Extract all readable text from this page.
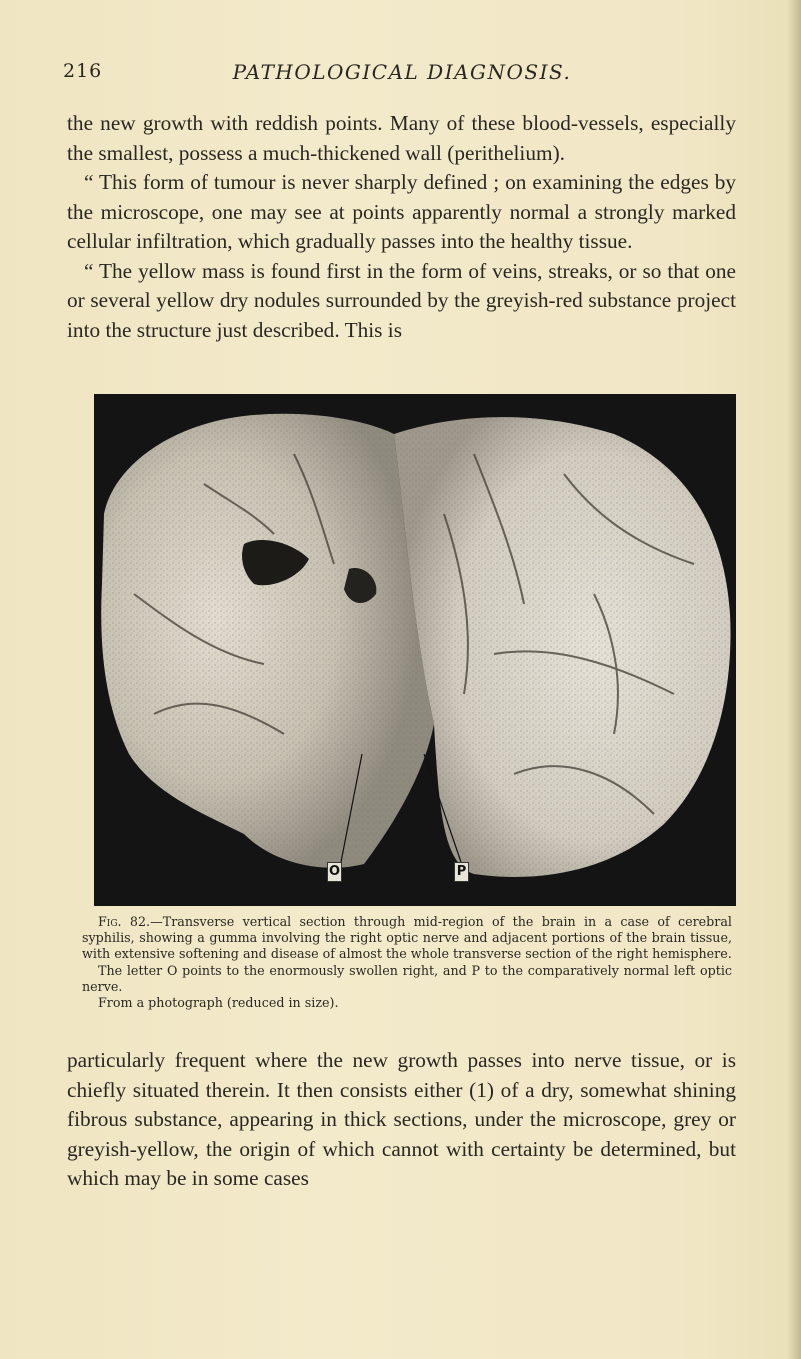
216	PATHOLOGICAL DIAGNOSIS.

the new growth with reddish points. Many of these blood-vessels, especially the smallest, possess a much-thickened wall (perithelium).

“ This form of tumour is never sharply defined ; on examining the edges by the microscope, one may see at points apparently normal a strongly marked cellular infiltration, which gradually passes into the healthy tissue.

“ The yellow mass is found first in the form of veins, streaks, or so that one or several yellow dry nodules surrounded by the greyish-red substance project into the structure just described. This is

O	P

Fig. 82.—Transverse vertical section through mid-region of the brain in a case of cerebral syphilis, showing a gumma involving the right optic nerve and adjacent portions of the brain tissue, with extensive softening and disease of almost the whole transverse section of the right hemisphere.

The letter O points to the enormously swollen right, and P to the comparatively normal left optic nerve.

From a photograph (reduced in size).

particularly frequent where the new growth passes into nerve tissue, or is chiefly situated therein. It then consists either (1) of a dry, somewhat shining fibrous substance, appearing in thick sections, under the microscope, grey or greyish-yellow, the origin of which cannot with certainty be determined, but which may be in some cases
